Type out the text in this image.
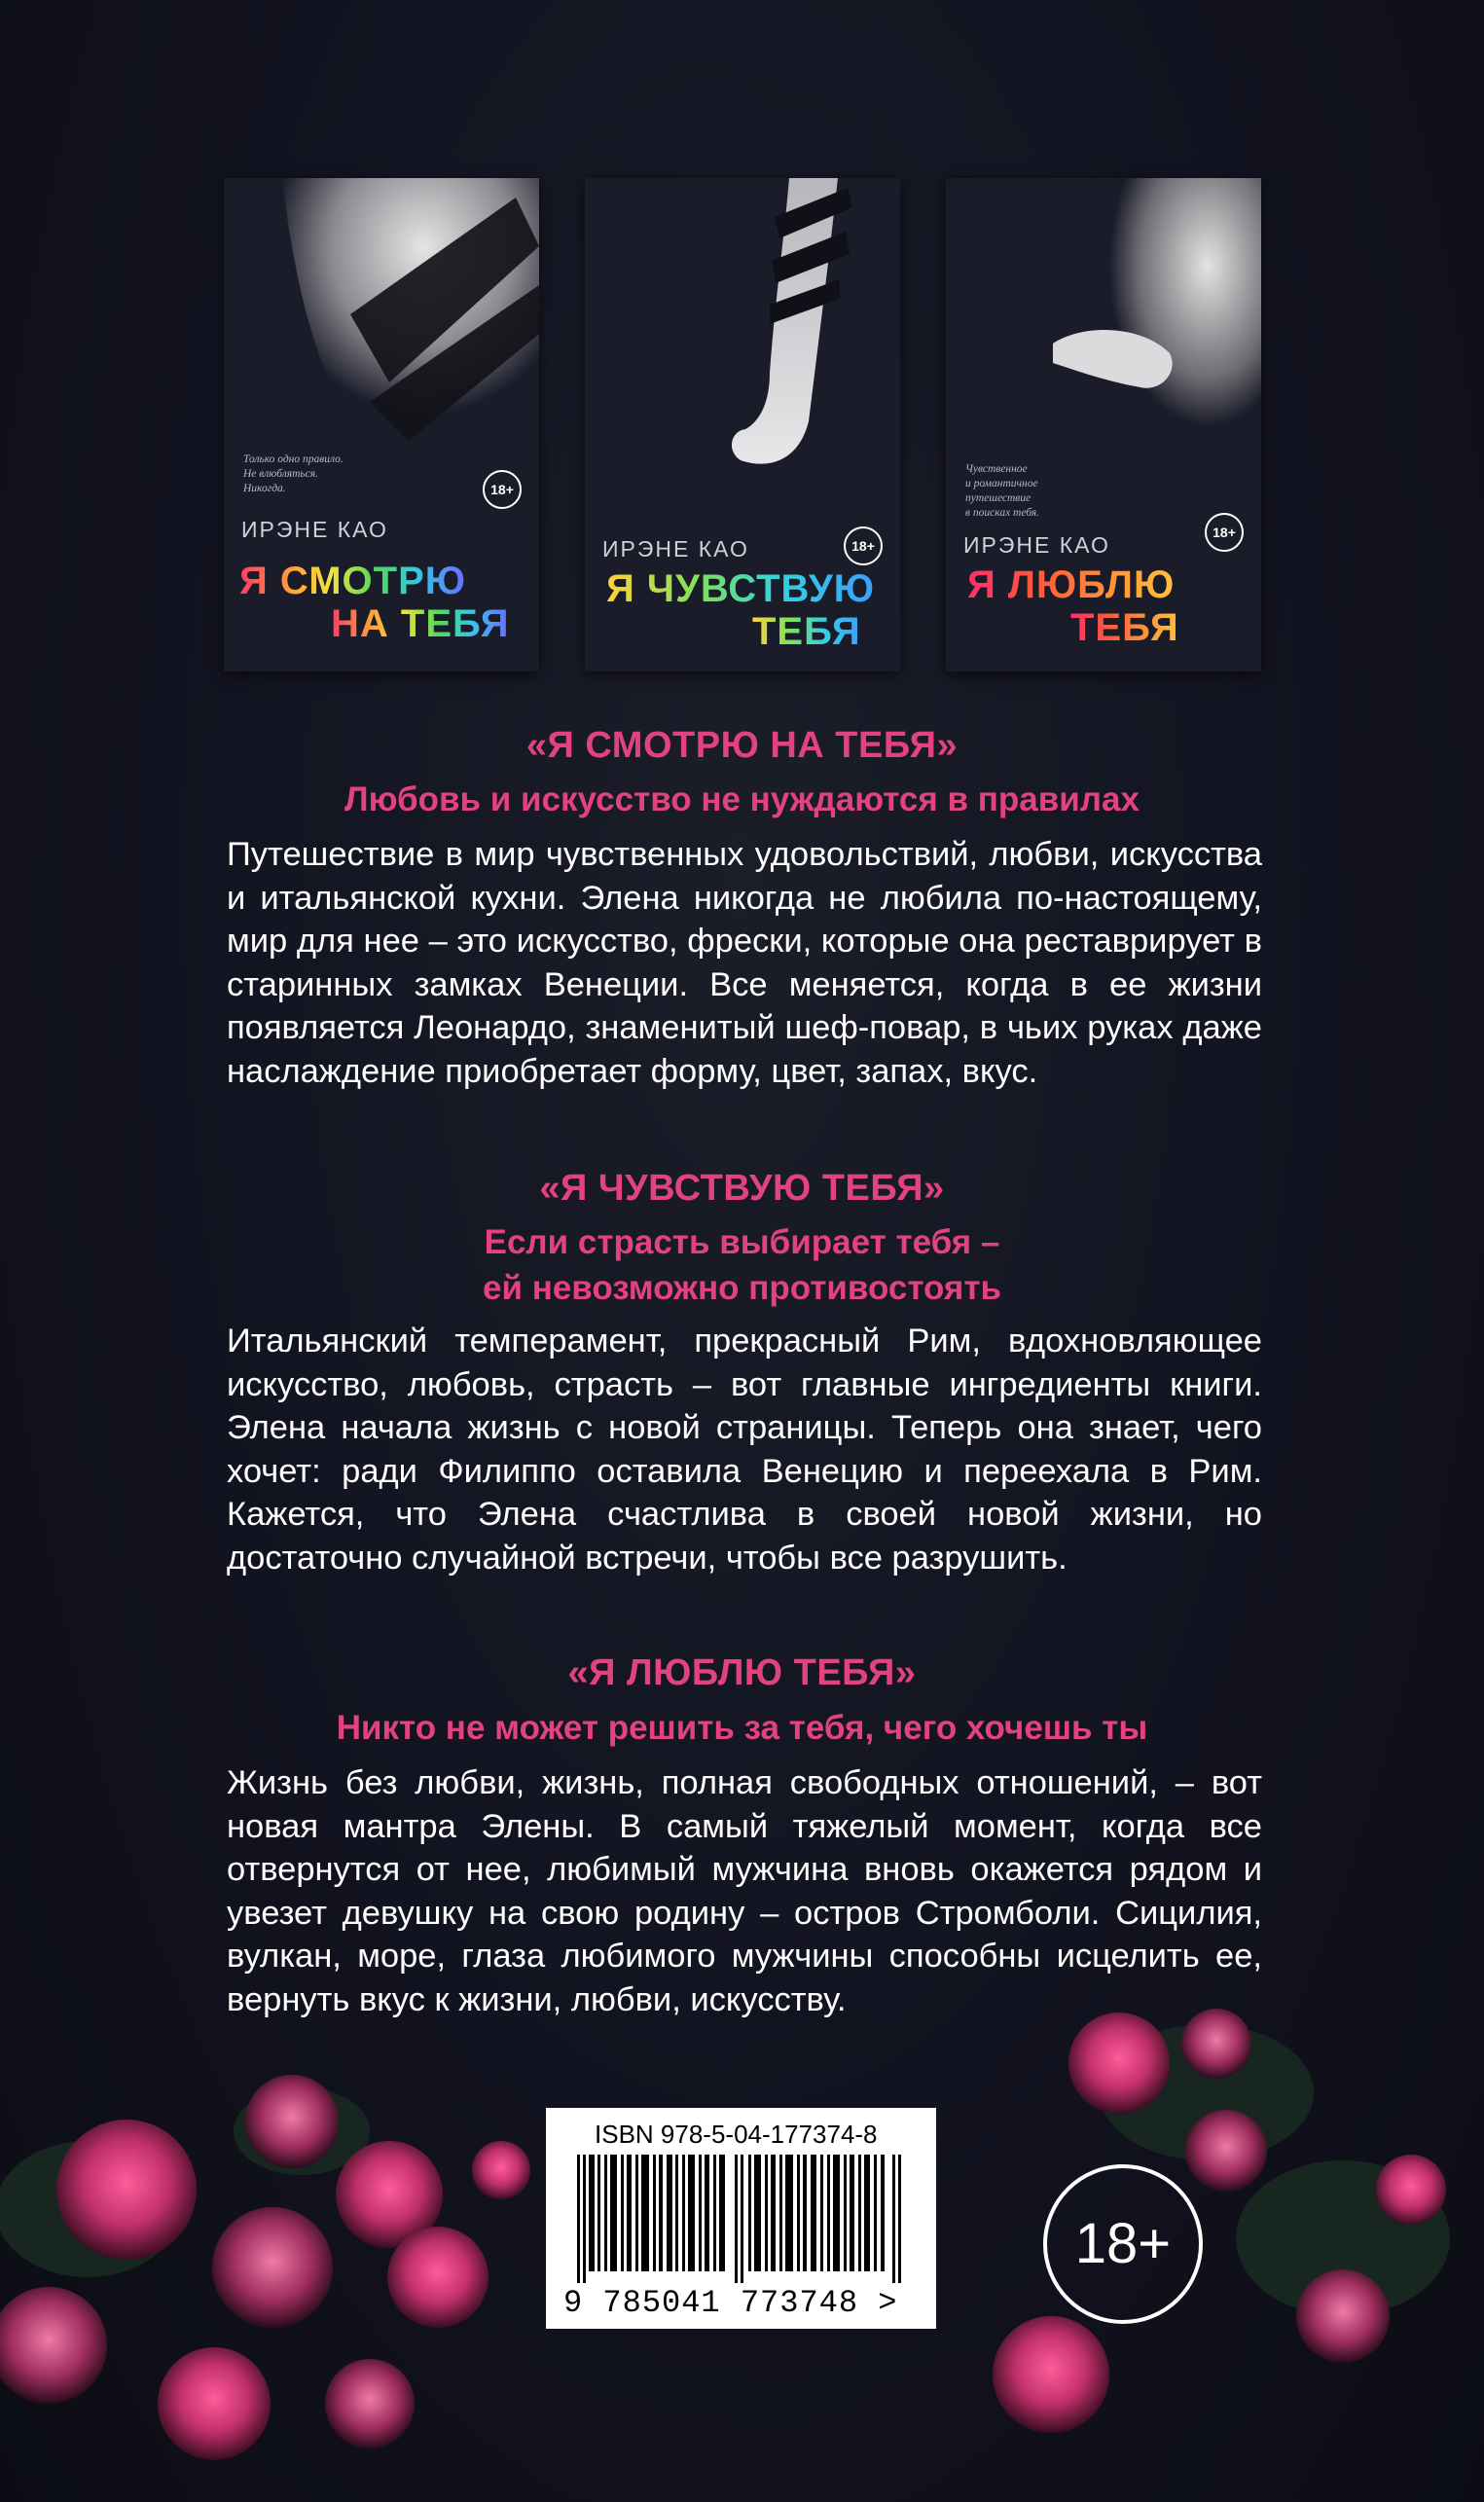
Только одно правило.
Не влюбляться.
Никогда.	18+
ИРЭНЕ КАО
Я СМОТРЮ
НА ТЕБЯ
18+
ИРЭНЕ КАО
Я ЧУВСТВУЮ
ТЕБЯ
Чувственное
и романтичное
путешествие
в поисках тебя.
18+
ИРЭНЕ КАО
Я ЛЮБЛЮ
ТЕБЯ
«Я СМОТРЮ НА ТЕБЯ»
Любовь и искусство не нуждаются в правилах
Путешествие в мир чувственных удовольствий, любви, искусства и итальянской кухни. Элена никогда не любила по-настоящему, мир для нее – это искусство, фрески, которые она реставрирует в старинных замках Венеции. Все меняется, когда в ее жизни появляется Леонардо, знаменитый шеф-повар, в чьих руках даже наслаждение приобретает форму, цвет, запах, вкус.
«Я ЧУВСТВУЮ ТЕБЯ»
Если страсть выбирает тебя –
ей невозможно противостоять
Итальянский темперамент, прекрасный Рим, вдохновляющее искусство, любовь, страсть – вот главные ингредиенты книги. Элена начала жизнь с новой страницы. Теперь она знает, чего хочет: ради Филиппо оставила Венецию и переехала в Рим. Кажется, что Элена счастлива в своей новой жизни, но достаточно случайной встречи, чтобы все разрушить.
«Я ЛЮБЛЮ ТЕБЯ»
Никто не может решить за тебя, чего хочешь ты
Жизнь без любви, жизнь, полная свободных отношений, – вот новая мантра Элены. В самый тяжелый момент, когда все отвернутся от нее, любимый мужчина вновь окажется рядом и увезет девушку на свою родину – остров Стромболи. Сицилия, вулкан, море, глаза любимого мужчины способны исцелить ее, вернуть вкус к жизни, любви, искусству.
ISBN 978-5-04-177374-8
9 785041 773748 >
18+
